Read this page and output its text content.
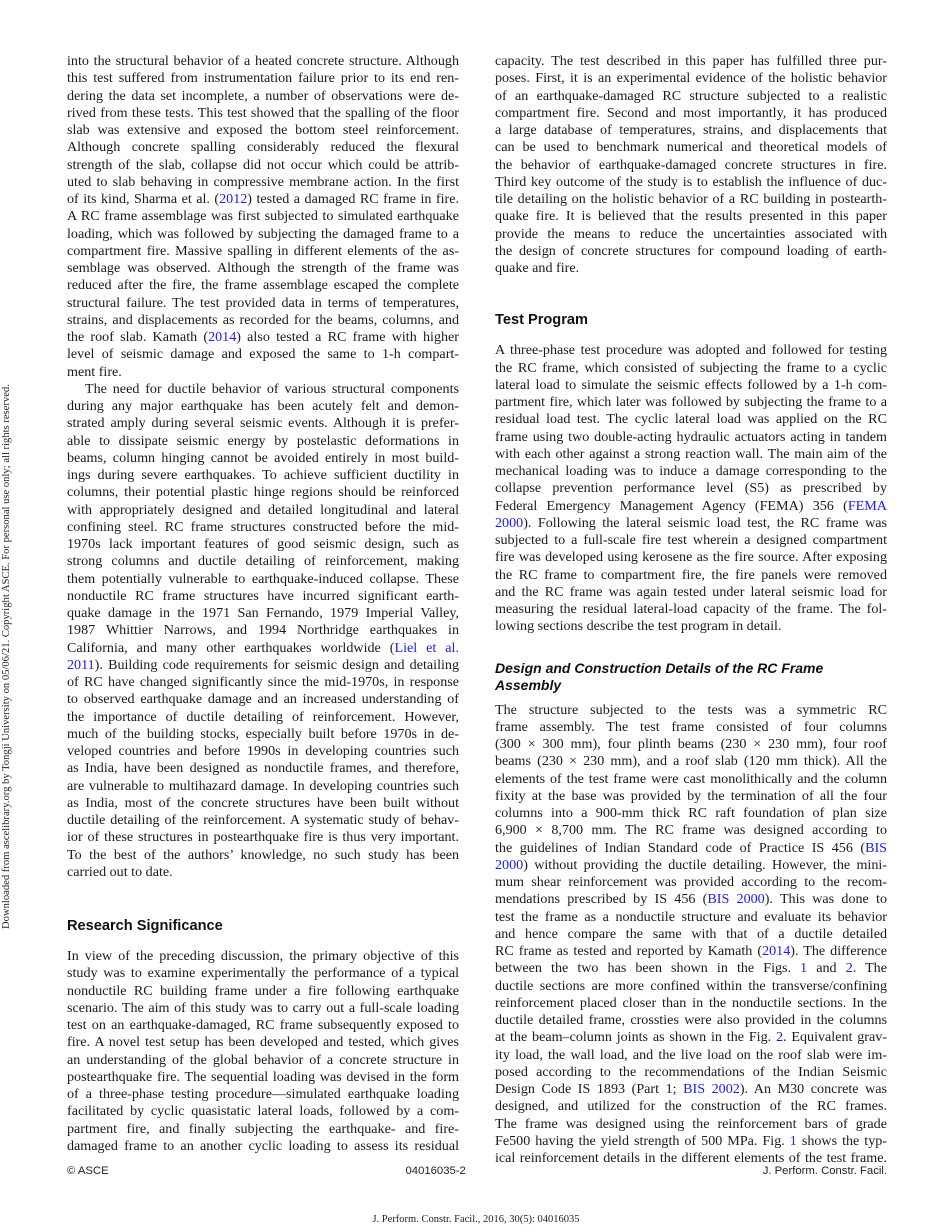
Downloaded from ascelibrary.org by Tongji University on 05/06/21. Copyright ASCE. For personal use only; all rights reserved.
into the structural behavior of a heated concrete structure. Although
this test suffered from instrumentation failure prior to its end ren-
dering the data set incomplete, a number of observations were de-
rived from these tests. This test showed that the spalling of the floor
slab was extensive and exposed the bottom steel reinforcement.
Although concrete spalling considerably reduced the flexural
strength of the slab, collapse did not occur which could be attrib-
uted to slab behaving in compressive membrane action. In the first
of its kind, Sharma et al. (2012) tested a damaged RC frame in fire.
A RC frame assemblage was first subjected to simulated earthquake
loading, which was followed by subjecting the damaged frame to a
compartment fire. Massive spalling in different elements of the as-
semblage was observed. Although the strength of the frame was
reduced after the fire, the frame assemblage escaped the complete
structural failure. The test provided data in terms of temperatures,
strains, and displacements as recorded for the beams, columns, and
the roof slab. Kamath (2014) also tested a RC frame with higher
level of seismic damage and exposed the same to 1-h compart-
ment fire.
The need for ductile behavior of various structural components
during any major earthquake has been acutely felt and demon-
strated amply during several seismic events. Although it is prefer-
able to dissipate seismic energy by postelastic deformations in
beams, column hinging cannot be avoided entirely in most build-
ings during severe earthquakes. To achieve sufficient ductility in
columns, their potential plastic hinge regions should be reinforced
with appropriately designed and detailed longitudinal and lateral
confining steel. RC frame structures constructed before the mid-
1970s lack important features of good seismic design, such as
strong columns and ductile detailing of reinforcement, making
them potentially vulnerable to earthquake-induced collapse. These
nonductile RC frame structures have incurred significant earth-
quake damage in the 1971 San Fernando, 1979 Imperial Valley,
1987 Whittier Narrows, and 1994 Northridge earthquakes in
California, and many other earthquakes worldwide (Liel et al.
2011). Building code requirements for seismic design and detailing
of RC have changed significantly since the mid-1970s, in response
to observed earthquake damage and an increased understanding of
the importance of ductile detailing of reinforcement. However,
much of the building stocks, especially built before 1970s in de-
veloped countries and before 1990s in developing countries such
as India, have been designed as nonductile frames, and therefore,
are vulnerable to multihazard damage. In developing countries such
as India, most of the concrete structures have been built without
ductile detailing of the reinforcement. A systematic study of behav-
ior of these structures in postearthquake fire is thus very important.
To the best of the authors’ knowledge, no such study has been
carried out to date.
Research Significance
In view of the preceding discussion, the primary objective of this
study was to examine experimentally the performance of a typical
nonductile RC building frame under a fire following earthquake
scenario. The aim of this study was to carry out a full-scale loading
test on an earthquake-damaged, RC frame subsequently exposed to
fire. A novel test setup has been developed and tested, which gives
an understanding of the global behavior of a concrete structure in
postearthquake fire. The sequential loading was devised in the form
of a three-phase testing procedure—simulated earthquake loading
facilitated by cyclic quasistatic lateral loads, followed by a com-
partment fire, and finally subjecting the earthquake- and fire-
damaged frame to an another cyclic loading to assess its residual
capacity. The test described in this paper has fulfilled three pur-
poses. First, it is an experimental evidence of the holistic behavior
of an earthquake-damaged RC structure subjected to a realistic
compartment fire. Second and most importantly, it has produced
a large database of temperatures, strains, and displacements that
can be used to benchmark numerical and theoretical models of
the behavior of earthquake-damaged concrete structures in fire.
Third key outcome of the study is to establish the influence of duc-
tile detailing on the holistic behavior of a RC building in postearth-
quake fire. It is believed that the results presented in this paper
provide the means to reduce the uncertainties associated with
the design of concrete structures for compound loading of earth-
quake and fire.
Test Program
A three-phase test procedure was adopted and followed for testing
the RC frame, which consisted of subjecting the frame to a cyclic
lateral load to simulate the seismic effects followed by a 1-h com-
partment fire, which later was followed by subjecting the frame to a
residual load test. The cyclic lateral load was applied on the RC
frame using two double-acting hydraulic actuators acting in tandem
with each other against a strong reaction wall. The main aim of the
mechanical loading was to induce a damage corresponding to the
collapse prevention performance level (S5) as prescribed by
Federal Emergency Management Agency (FEMA) 356 (FEMA
2000). Following the lateral seismic load test, the RC frame was
subjected to a full-scale fire test wherein a designed compartment
fire was developed using kerosene as the fire source. After exposing
the RC frame to compartment fire, the fire panels were removed
and the RC frame was again tested under lateral seismic load for
measuring the residual lateral-load capacity of the frame. The fol-
lowing sections describe the test program in detail.
Design and Construction Details of the RC Frame
Assembly
The structure subjected to the tests was a symmetric RC
frame assembly. The test frame consisted of four columns
(300 × 300 mm), four plinth beams (230 × 230 mm), four roof
beams (230 × 230 mm), and a roof slab (120 mm thick). All the
elements of the test frame were cast monolithically and the column
fixity at the base was provided by the termination of all the four
columns into a 900-mm thick RC raft foundation of plan size
6,900 × 8,700 mm. The RC frame was designed according to
the guidelines of Indian Standard code of Practice IS 456 (BIS
2000) without providing the ductile detailing. However, the mini-
mum shear reinforcement was provided according to the recom-
mendations prescribed by IS 456 (BIS 2000). This was done to
test the frame as a nonductile structure and evaluate its behavior
and hence compare the same with that of a ductile detailed
RC frame as tested and reported by Kamath (2014). The difference
between the two has been shown in the Figs. 1 and 2. The
ductile sections are more confined within the transverse/confining
reinforcement placed closer than in the nonductile sections. In the
ductile detailed frame, crossties were also provided in the columns
at the beam–column joints as shown in the Fig. 2. Equivalent grav-
ity load, the wall load, and the live load on the roof slab were im-
posed according to the recommendations of the Indian Seismic
Design Code IS 1893 (Part 1; BIS 2002). An M30 concrete was
designed, and utilized for the construction of the RC frames.
The frame was designed using the reinforcement bars of grade
Fe500 having the yield strength of 500 MPa. Fig. 1 shows the typ-
ical reinforcement details in the different elements of the test frame.
© ASCE	04016035-2	J. Perform. Constr. Facil.
J. Perform. Constr. Facil., 2016, 30(5): 04016035
